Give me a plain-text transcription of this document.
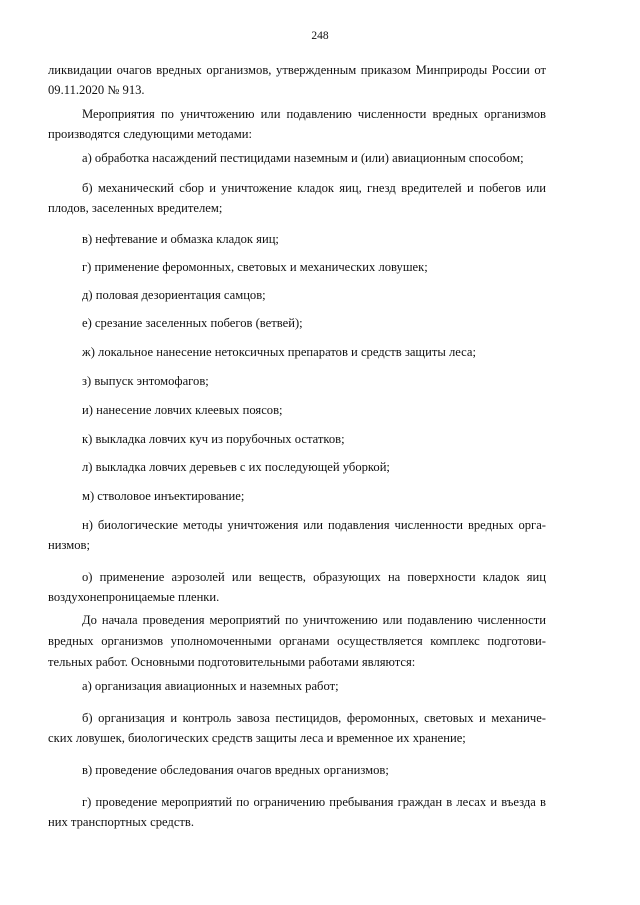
248
ликвидации очагов вредных организмов, утвержденным приказом Минприроды России от
09.11.2020 № 913.
Мероприятия по уничтожению или подавлению численности вредных организмов
производятся следующими методами:
а) обработка насаждений пестицидами наземным и (или) авиационным способом;
б) механический сбор и уничтожение кладок яиц, гнезд вредителей и побегов или
плодов, заселенных вредителем;
в) нефтевание и обмазка кладок яиц;
г) применение феромонных, световых и механических ловушек;
д) половая дезориентация самцов;
е) срезание заселенных побегов (ветвей);
ж) локальное нанесение нетоксичных препаратов и средств защиты леса;
з) выпуск энтомофагов;
и) нанесение ловчих клеевых поясов;
к) выкладка ловчих куч из порубочных остатков;
л) выкладка ловчих деревьев с их последующей уборкой;
м) стволовое инъектирование;
н) биологические методы уничтожения или подавления численности вредных орга-
низмов;
о) применение аэрозолей или веществ, образующих на поверхности кладок яиц
воздухонепроницаемые пленки.
До начала проведения мероприятий по уничтожению или подавлению численности
вредных организмов уполномоченными органами осуществляется комплекс подготови-
тельных работ. Основными подготовительными работами являются:
а) организация авиационных и наземных работ;
б) организация и контроль завоза пестицидов, феромонных, световых и механиче-
ских ловушек, биологических средств защиты леса и временное их хранение;
в) проведение обследования очагов вредных организмов;
г) проведение мероприятий по ограничению пребывания граждан в лесах и въезда в
них транспортных средств.
